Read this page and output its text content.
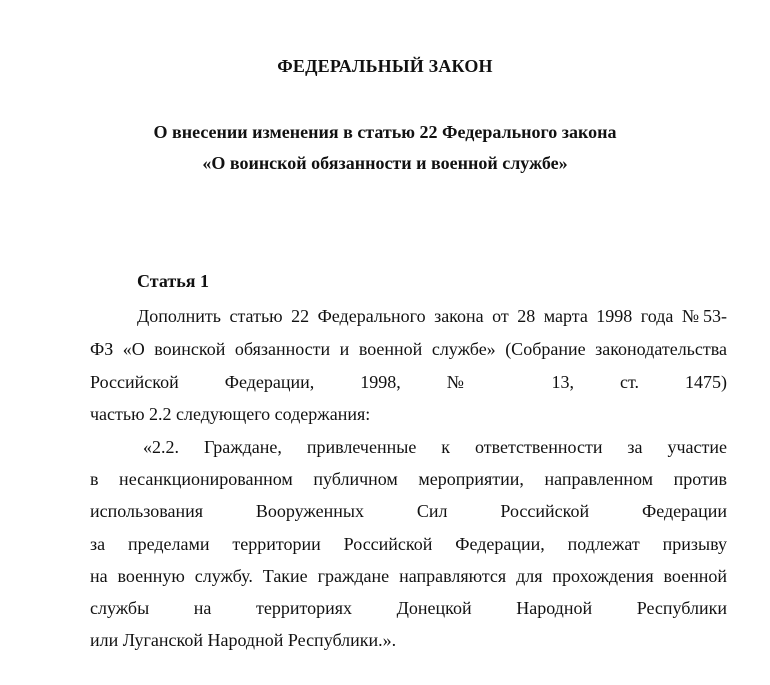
ФЕДЕРАЛЬНЫЙ ЗАКОН
О внесении изменения в статью 22 Федерального закона
«О воинской обязанности и военной службе»
Статья 1
Дополнить статью 22 Федерального закона от 28 марта 1998 года №53-
ФЗ «О воинской обязанности и военной службе» (Собрание законодательства
Российской Федерации, 1998, № 13, ст. 1475)
частью 2.2 следующего содержания:
«2.2. Граждане, привлеченные к ответственности за участие
в несанкционированном публичном мероприятии, направленном против
использования Вооруженных Сил Российской Федерации
за пределами территории Российской Федерации, подлежат призыву
на военную службу. Такие граждане направляются для прохождения военной
службы на территориях Донецкой Народной Республики
или Луганской Народной Республики.».
